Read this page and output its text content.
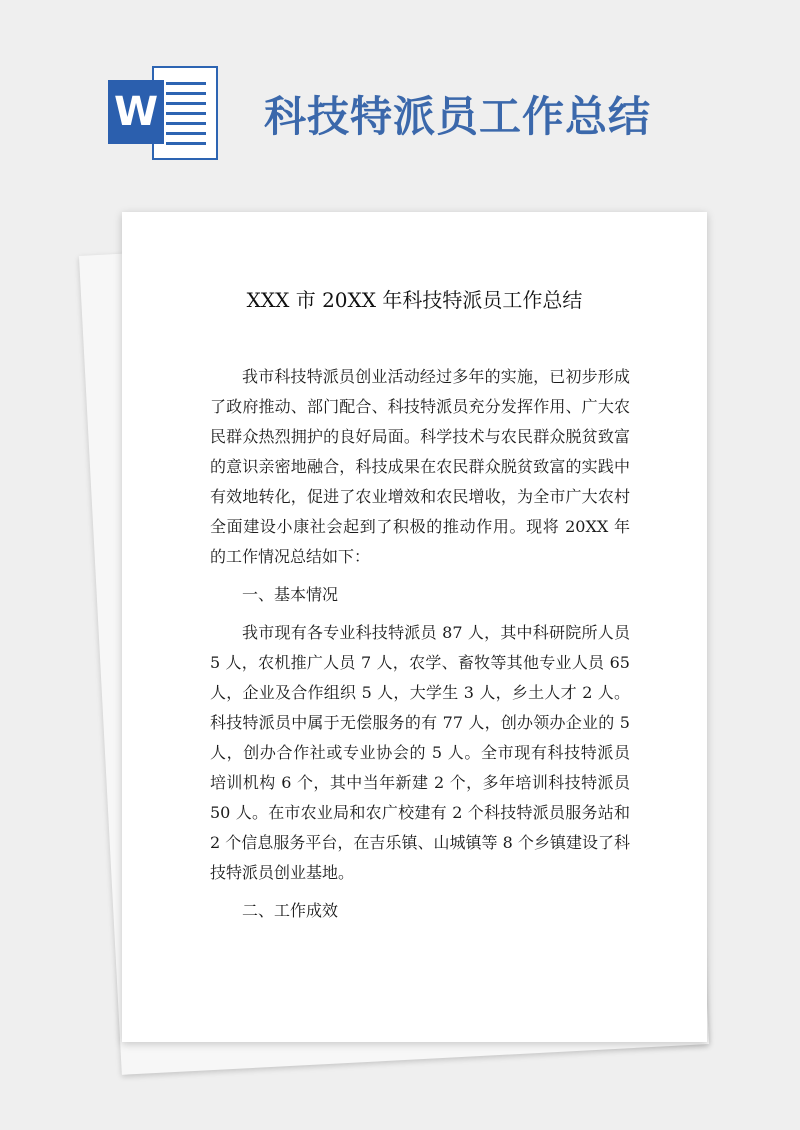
W	科技特派员工作总结
XXX 市 20XX 年科技特派员工作总结

我市科技特派员创业活动经过多年的实施，已初步形成了政府推动、部门配合、科技特派员充分发挥作用、广大农民群众热烈拥护的良好局面。科学技术与农民群众脱贫致富的意识亲密地融合，科技成果在农民群众脱贫致富的实践中有效地转化，促进了农业增效和农民增收，为全市广大农村全面建设小康社会起到了积极的推动作用。现将 20XX 年的工作情况总结如下：

一、基本情况

我市现有各专业科技特派员 87 人，其中科研院所人员 5 人，农机推广人员 7 人，农学、畜牧等其他专业人员 65 人，企业及合作组织 5 人，大学生 3 人，乡土人才 2 人。科技特派员中属于无偿服务的有 77 人，创办领办企业的 5 人，创办合作社或专业协会的 5 人。全市现有科技特派员培训机构 6 个，其中当年新建 2 个，多年培训科技特派员 50 人。在市农业局和农广校建有 2 个科技特派员服务站和 2 个信息服务平台，在吉乐镇、山城镇等 8 个乡镇建设了科技特派员创业基地。

二、工作成效
